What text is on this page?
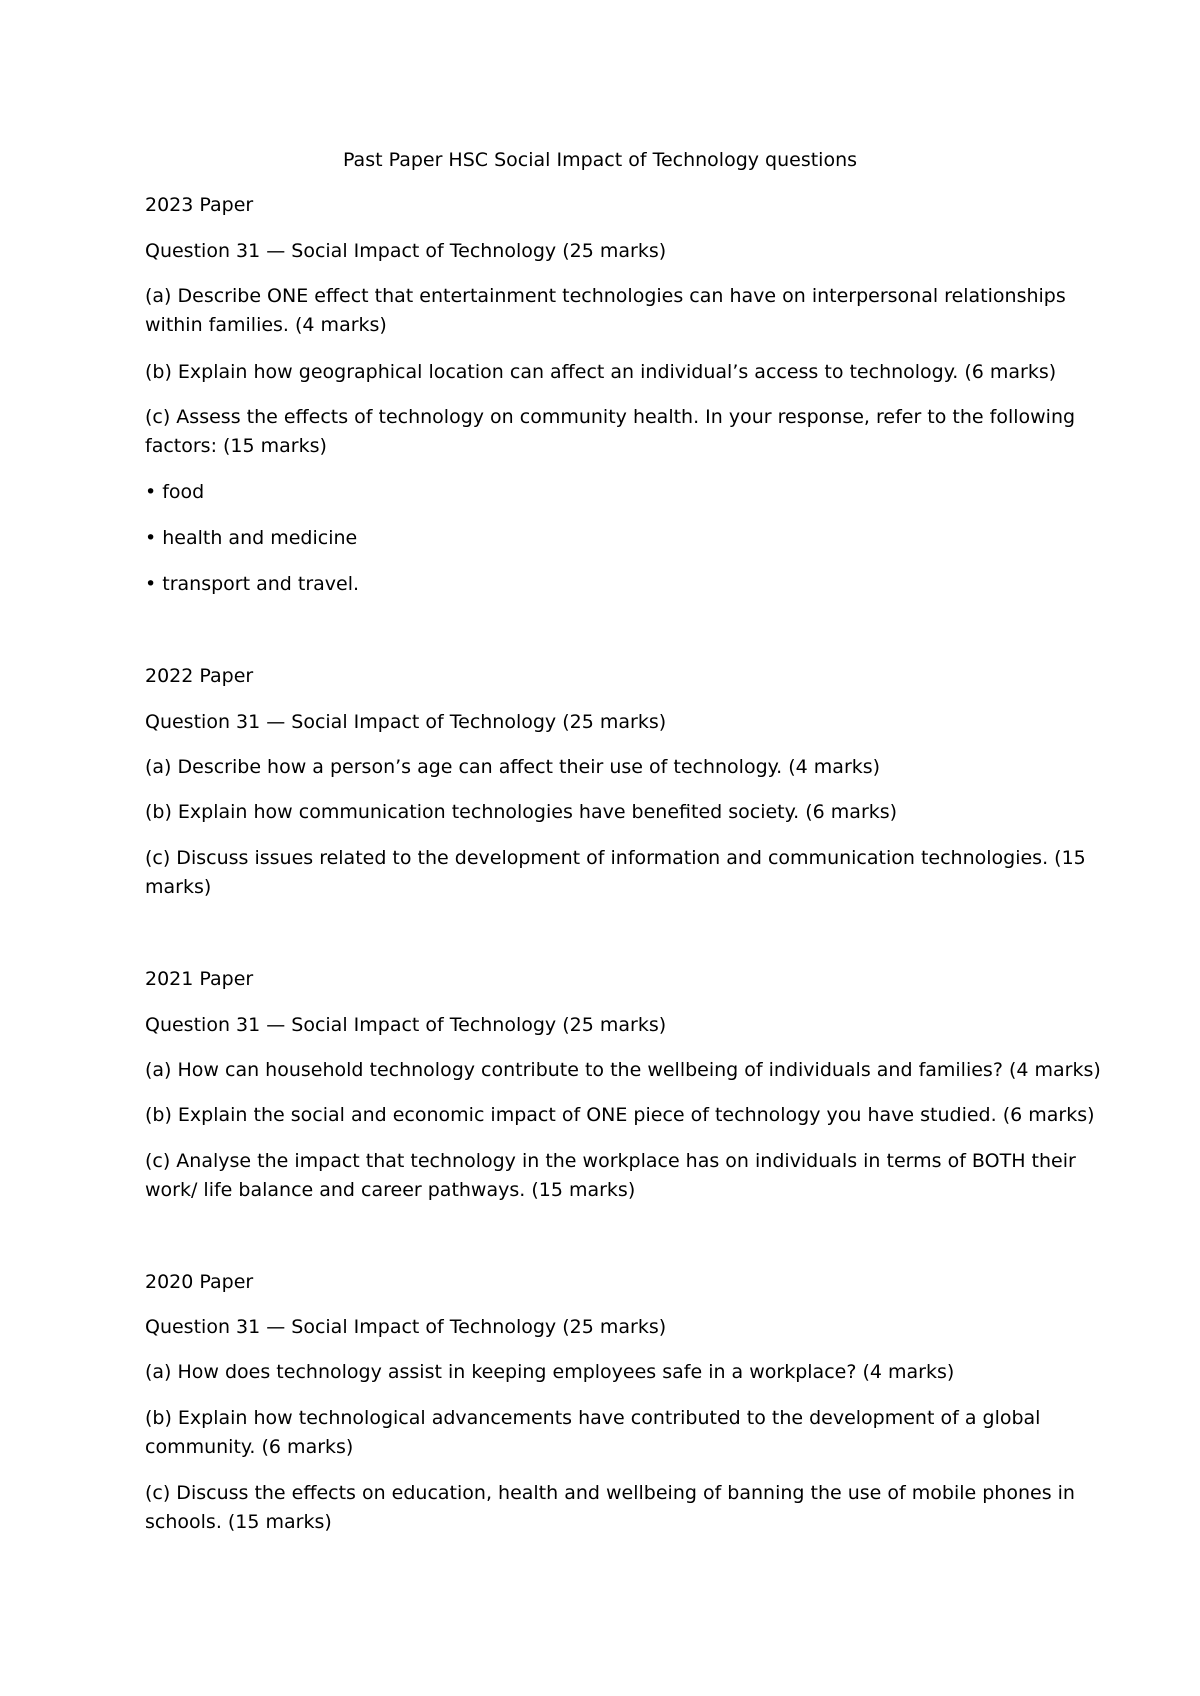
Past Paper HSC Social Impact of Technology questions
2023 Paper
Question 31 — Social Impact of Technology (25 marks)
(a) Describe ONE effect that entertainment technologies can have on interpersonal relationships
within families. (4 marks)
(b) Explain how geographical location can affect an individual’s access to technology. (6 marks)
(c) Assess the effects of technology on community health. In your response, refer to the following
factors: (15 marks)
• food
• health and medicine
• transport and travel.
2022 Paper
Question 31 — Social Impact of Technology (25 marks)
(a) Describe how a person’s age can affect their use of technology. (4 marks)
(b) Explain how communication technologies have benefited society. (6 marks)
(c) Discuss issues related to the development of information and communication technologies. (15
marks)
2021 Paper
Question 31 — Social Impact of Technology (25 marks)
(a) How can household technology contribute to the wellbeing of individuals and families? (4 marks)
(b) Explain the social and economic impact of ONE piece of technology you have studied. (6 marks)
(c) Analyse the impact that technology in the workplace has on individuals in terms of BOTH their
work/ life balance and career pathways. (15 marks)
2020 Paper
Question 31 — Social Impact of Technology (25 marks)
(a) How does technology assist in keeping employees safe in a workplace? (4 marks)
(b) Explain how technological advancements have contributed to the development of a global
community. (6 marks)
(c) Discuss the effects on education, health and wellbeing of banning the use of mobile phones in
schools. (15 marks)
